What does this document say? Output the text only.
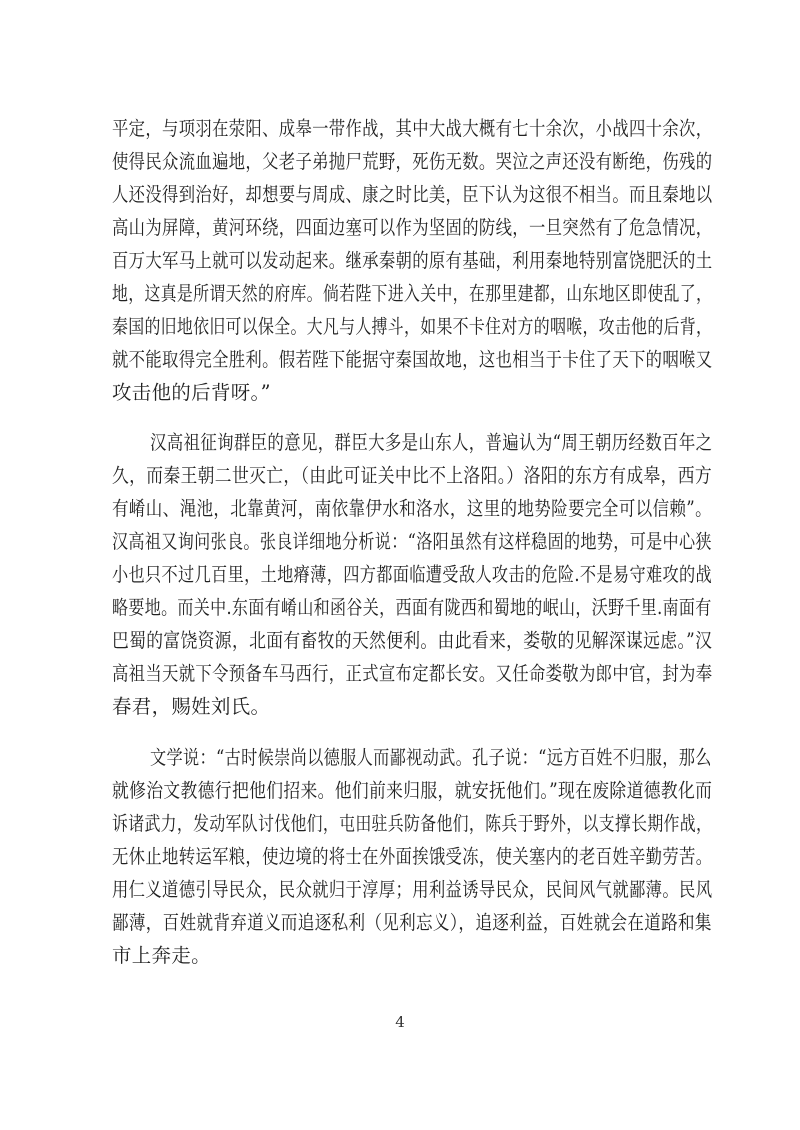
平定，与项羽在荥阳、成皋一带作战，其中大战大概有七十余次，小战四十余次，
使得民众流血遍地，父老子弟抛尸荒野，死伤无数。哭泣之声还没有断绝，伤残的
人还没得到治好，却想要与周成、康之时比美，臣下认为这很不相当。而且秦地以
高山为屏障，黄河环绕，四面边塞可以作为坚固的防线，一旦突然有了危急情况，
百万大军马上就可以发动起来。继承秦朝的原有基础，利用秦地特别富饶肥沃的土
地，这真是所谓天然的府库。倘若陛下进入关中，在那里建都，山东地区即使乱了，
秦国的旧地依旧可以保全。大凡与人搏斗，如果不卡住对方的咽喉，攻击他的后背，
就不能取得完全胜利。假若陛下能据守秦国故地，这也相当于卡住了天下的咽喉又
攻击他的后背呀。”
汉高祖征询群臣的意见，群臣大多是山东人，普遍认为“周王朝历经数百年之
久，而秦王朝二世灭亡，（由此可证关中比不上洛阳。）洛阳的东方有成皋，西方
有崤山、渑池，北靠黄河，南依靠伊水和洛水，这里的地势险要完全可以信赖”。
汉高祖又询问张良。张良详细地分析说：“洛阳虽然有这样稳固的地势，可是中心狭
小也只不过几百里，土地瘠薄，四方都面临遭受敌人攻击的危险.不是易守难攻的战
略要地。而关中.东面有崤山和函谷关，西面有陇西和蜀地的岷山，沃野千里.南面有
巴蜀的富饶资源，北面有畜牧的天然便利。由此看来，娄敬的见解深谋远虑。”汉
高祖当天就下令预备车马西行，正式宣布定都长安。又任命娄敬为郎中官，封为奉
春君，赐姓刘氏。
文学说：“古时候崇尚以德服人而鄙视动武。孔子说：“远方百姓不归服，那么
就修治文教德行把他们招来。他们前来归服，就安抚他们。”现在废除道德教化而
诉诸武力，发动军队讨伐他们，屯田驻兵防备他们，陈兵于野外，以支撑长期作战，
无休止地转运军粮，使边境的将士在外面挨饿受冻，使关塞内的老百姓辛勤劳苦。
用仁义道德引导民众，民众就归于淳厚；用利益诱导民众，民间风气就鄙薄。民风
鄙薄，百姓就背弃道义而追逐私利（见利忘义），追逐利益，百姓就会在道路和集
市上奔走。
4
